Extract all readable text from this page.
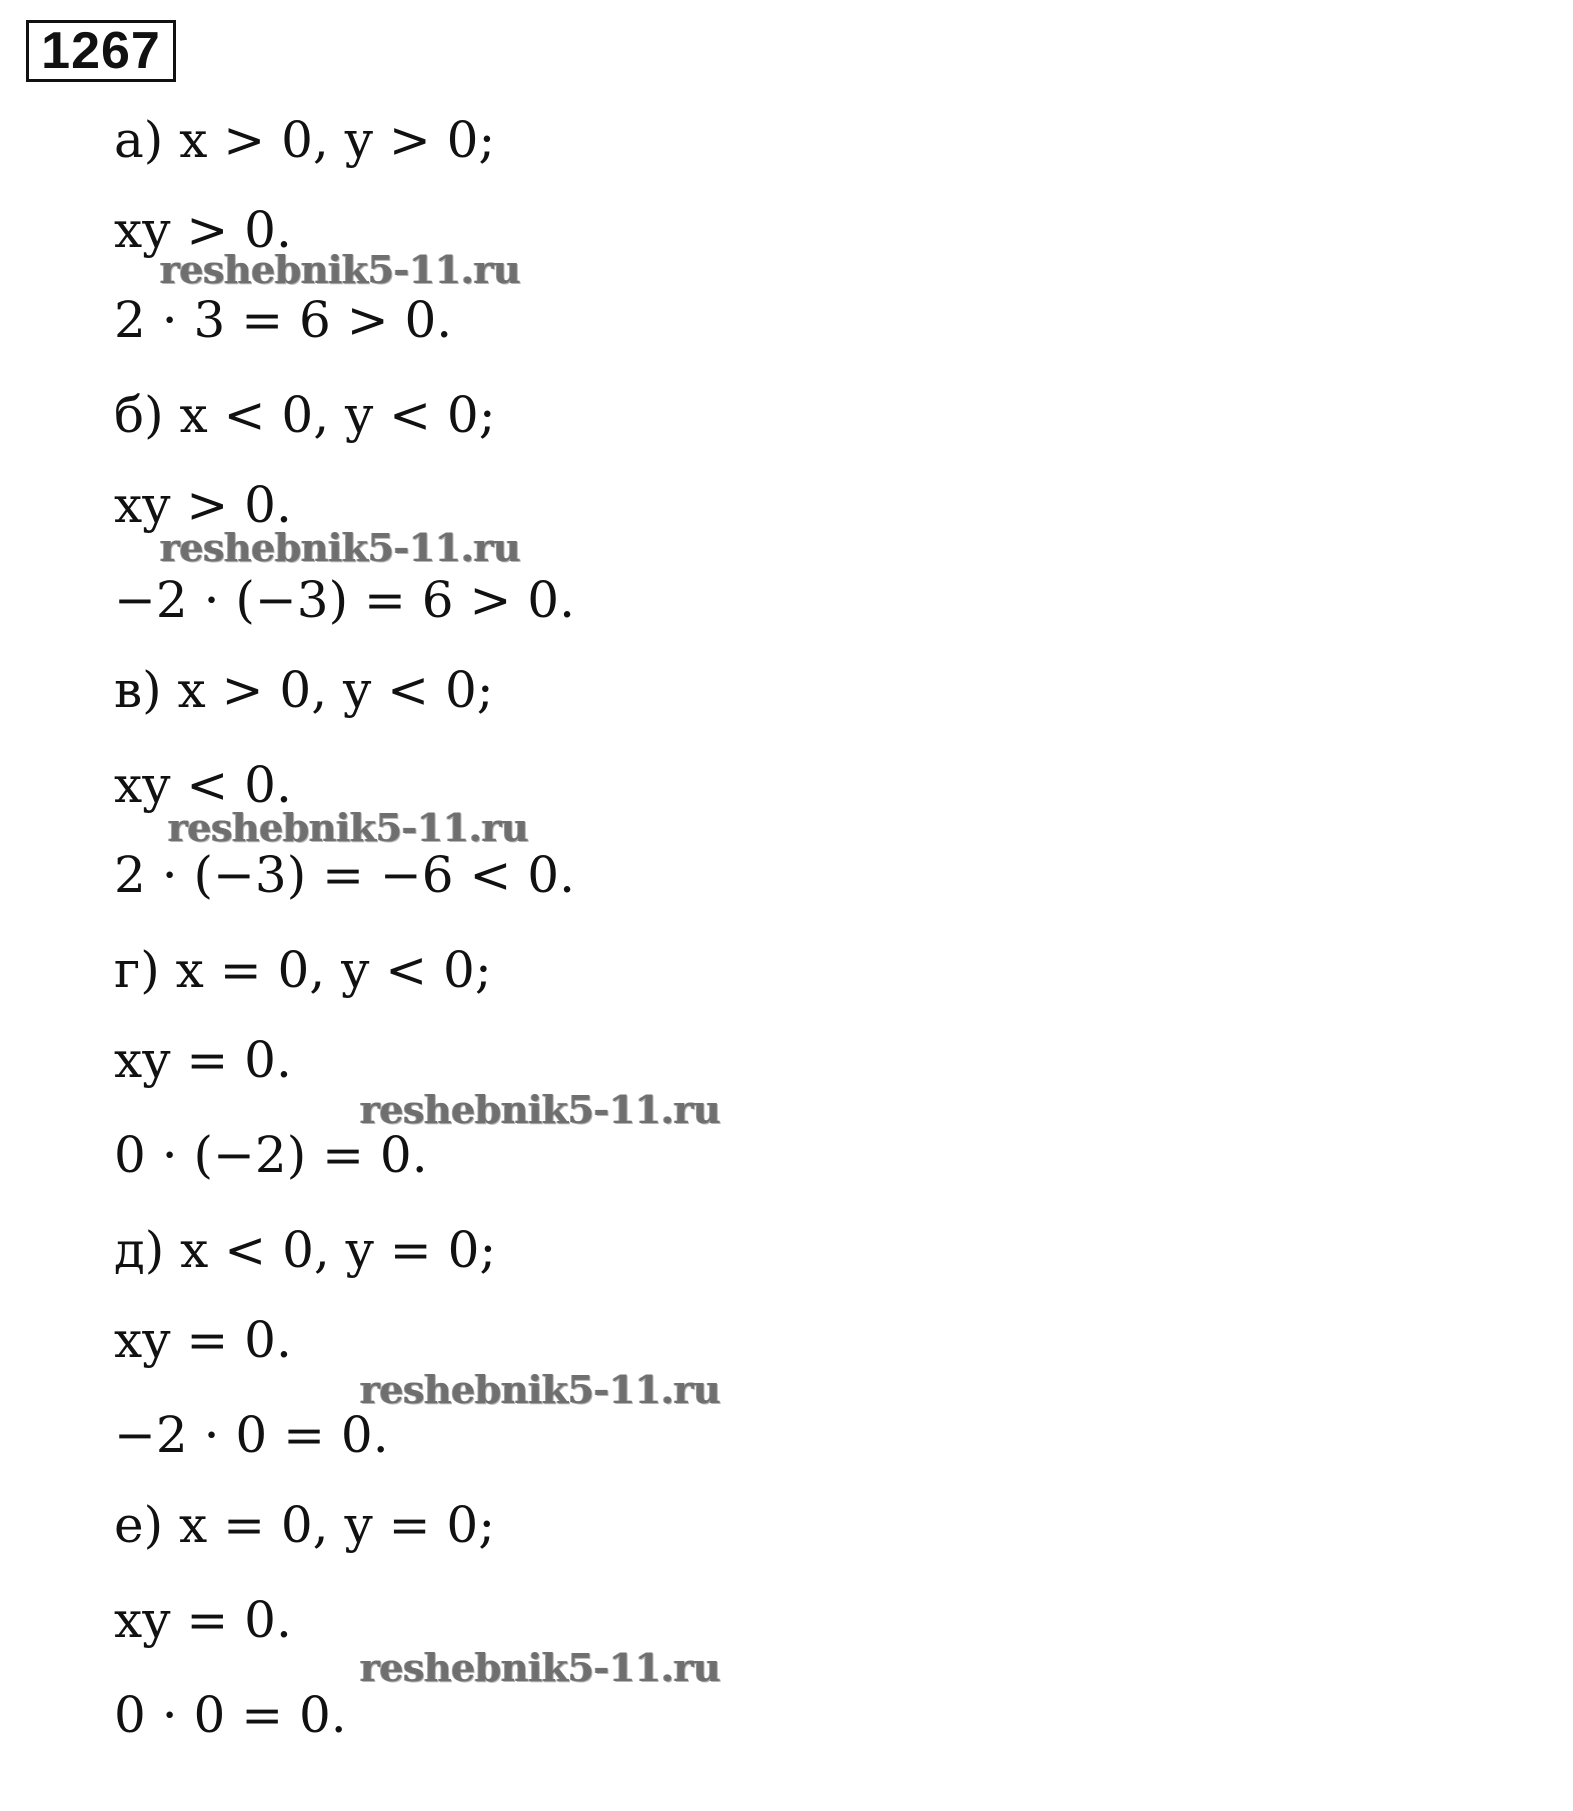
1267
а) x > 0, y > 0;
xy > 0.
2 · 3 = 6 > 0.
б) x < 0, y < 0;
xy > 0.
−2 · (−3) = 6 > 0.
в) x > 0, y < 0;
xy < 0.
2 · (−3) = −6 < 0.
г) x = 0, y < 0;
xy = 0.
0 · (−2) = 0.
д) x < 0, y = 0;
xy = 0.
−2 · 0 = 0.
е) x = 0, y = 0;
xy = 0.
0 · 0 = 0.
reshebnik5-11.ru
reshebnik5-11.ru
reshebnik5-11.ru
reshebnik5-11.ru
reshebnik5-11.ru
reshebnik5-11.ru
